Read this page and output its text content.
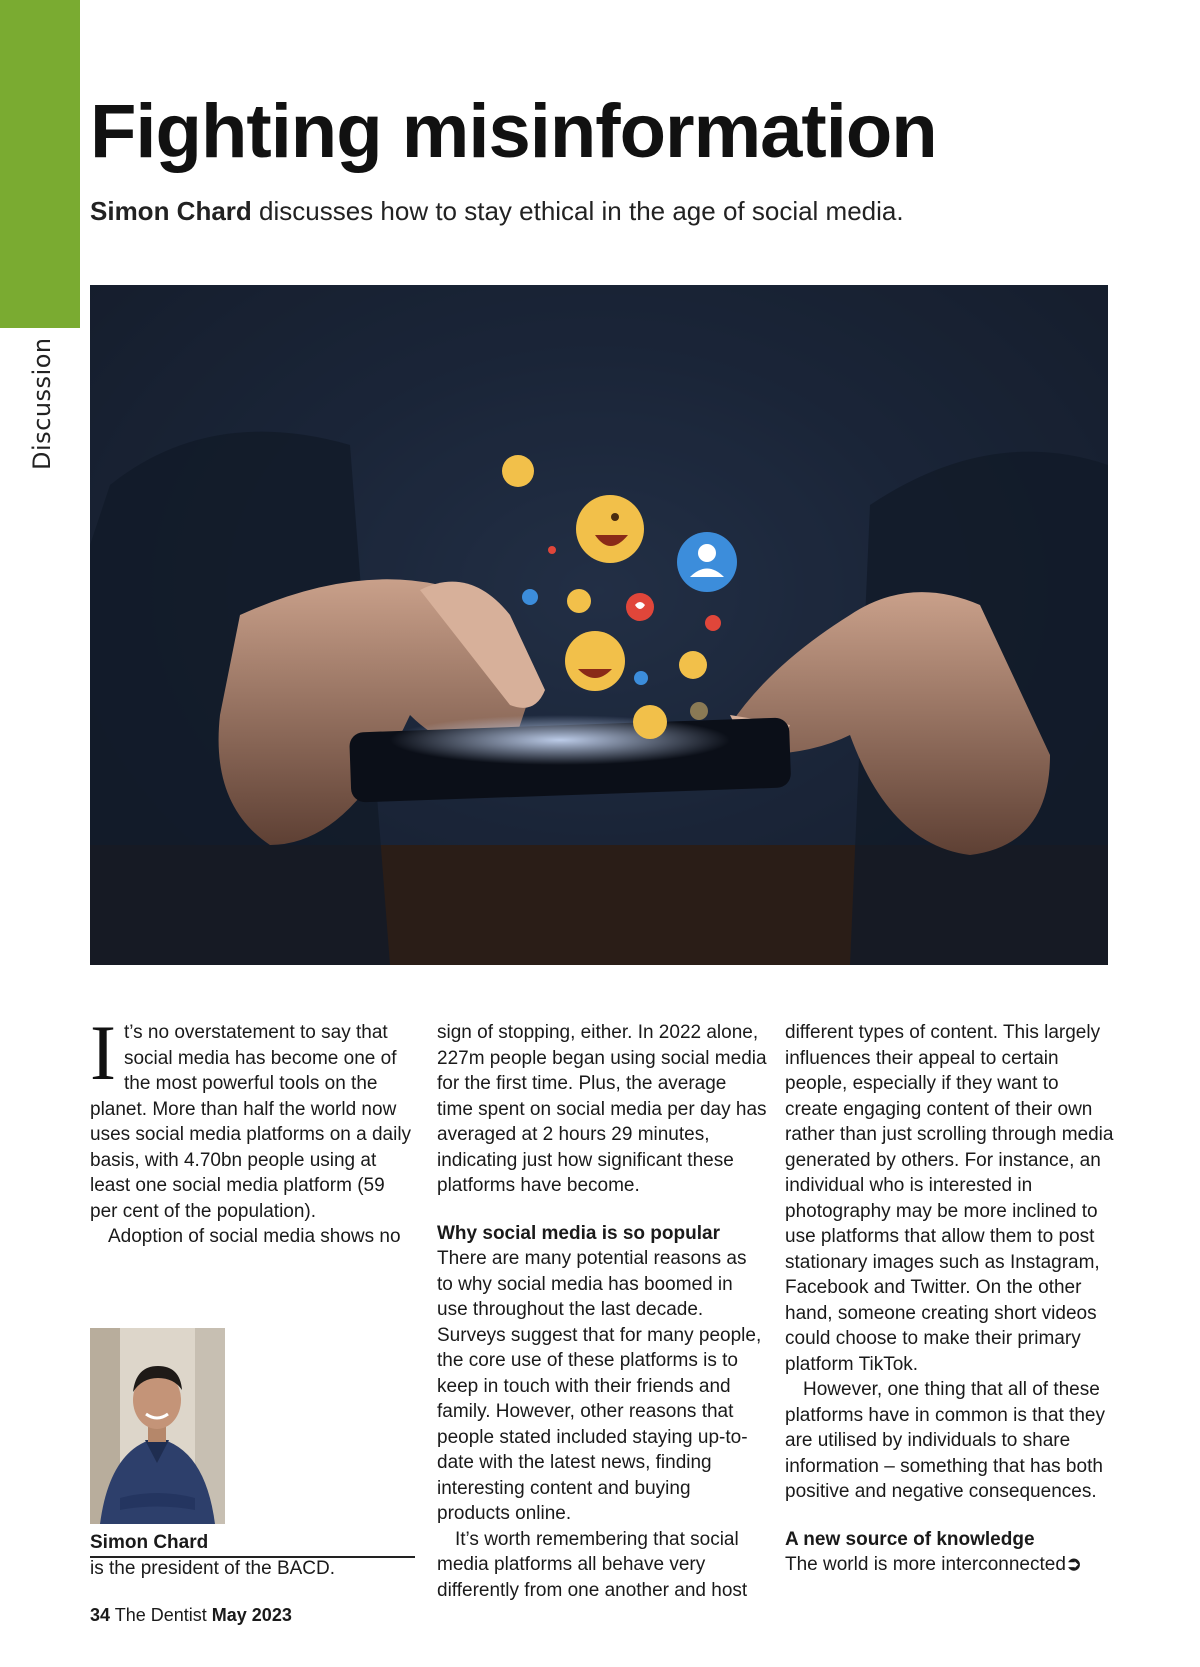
Discussion
Fighting misinformation
Simon Chard discusses how to stay ethical in the age of social media.

It’s no overstatement to say that social media has become one of the most powerful tools on the planet. More than half the world now uses social media platforms on a daily basis, with 4.70bn people using at least one social media platform (59 per cent of the population).

Adoption of social media shows no

sign of stopping, either. In 2022 alone, 227m people began using social media for the first time. Plus, the average time spent on social media per day has averaged at 2 hours 29 minutes, indicating just how significant these platforms have become.

Why social media is so popular

There are many potential reasons as to why social media has boomed in use throughout the last decade. Surveys suggest that for many people, the core use of these platforms is to keep in touch with their friends and family. However, other reasons that people stated included staying up-to-date with the latest news, finding interesting content and buying products online.

It’s worth remembering that social media platforms all behave very differently from one another and host

different types of content. This largely influences their appeal to certain people, especially if they want to create engaging content of their own rather than just scrolling through media generated by others. For instance, an individual who is interested in photography may be more inclined to use platforms that allow them to post stationary images such as Instagram, Facebook and Twitter. On the other hand, someone creating short videos could choose to make their primary platform TikTok.

However, one thing that all of these platforms have in common is that they are utilised by individuals to share information – something that has both positive and negative consequences.

A new source of knowledge

The world is more interconnected➲

Simon Chard
is the president of the BACD.
34 The Dentist May 2023
